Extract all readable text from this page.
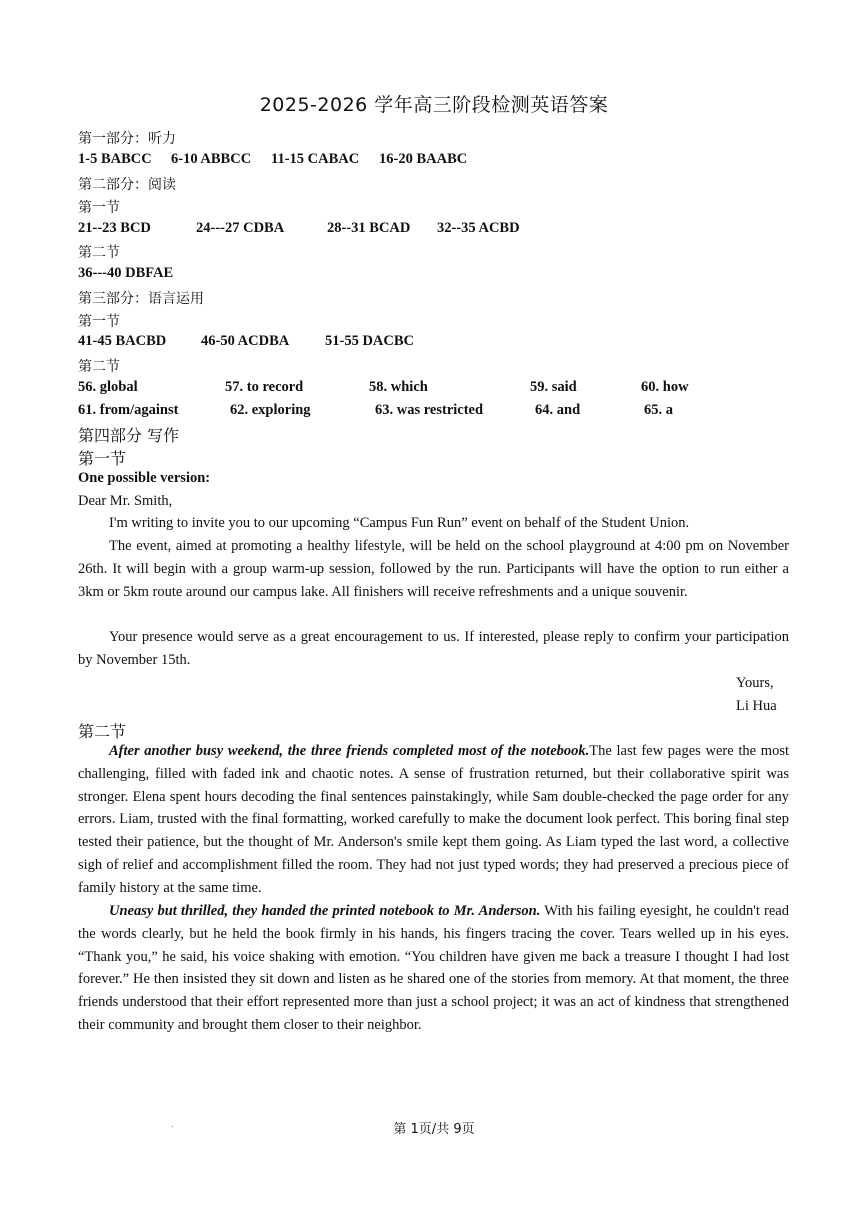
2025-2026 学年高三阶段检测英语答案
第一部分：听力
1-5 BABCC 6-10 ABBCC 11-15 CABAC 16-20 BAABC
第二部分：阅读
第一节
21--23 BCD	24---27 CDBA	28--31 BCAD 32--35 ACBD
第二节
36---40 DBFAE
第三部分：语言运用
第一节
41-45 BACBD 46-50 ACDBA 51-55 DACBC
第二节
56. global	57. to record	58. which	59. said	60. how
61. from/against	62. exploring	63. was restricted	64. and	65. a
第四部分 写作
第一节
One possible version:
Dear Mr. Smith,

I'm writing to invite you to our upcoming “Campus Fun Run” event on behalf of the Student Union.

The event, aimed at promoting a healthy lifestyle, will be held on the school playground at 4:00 pm on November 26th. It will begin with a group warm-up session, followed by the run. Participants will have the option to run either a 3km or 5km route around our campus lake. All finishers will receive refreshments and a unique souvenir.

Your presence would serve as a great encouragement to us. If interested, please reply to confirm your participation by November 15th.

Yours,
Li Hua
第二节

After another busy weekend, the three friends completed most of the notebook.The last few pages were the most challenging, filled with faded ink and chaotic notes. A sense of frustration returned, but their collaborative spirit was stronger. Elena spent hours decoding the final sentences painstakingly, while Sam double-checked the page order for any errors. Liam, trusted with the final formatting, worked carefully to make the document look perfect. This boring final step tested their patience, but the thought of Mr. Anderson's smile kept them going. As Liam typed the last word, a collective sigh of relief and accomplishment filled the room. They had not just typed words; they had preserved a precious piece of family history at the same time.

Uneasy but thrilled, they handed the printed notebook to Mr. Anderson. With his failing eyesight, he couldn't read the words clearly, but he held the book firmly in his hands, his fingers tracing the cover. Tears welled up in his eyes. “Thank you,” he said, his voice shaking with emotion. “You children have given me back a treasure I thought I had lost forever.” He then insisted they sit down and listen as he shared one of the stories from memory. At that moment, the three friends understood that their effort represented more than just a school project; it was an act of kindness that strengthened their community and brought them closer to their neighbor.

第 1页/共 9页
